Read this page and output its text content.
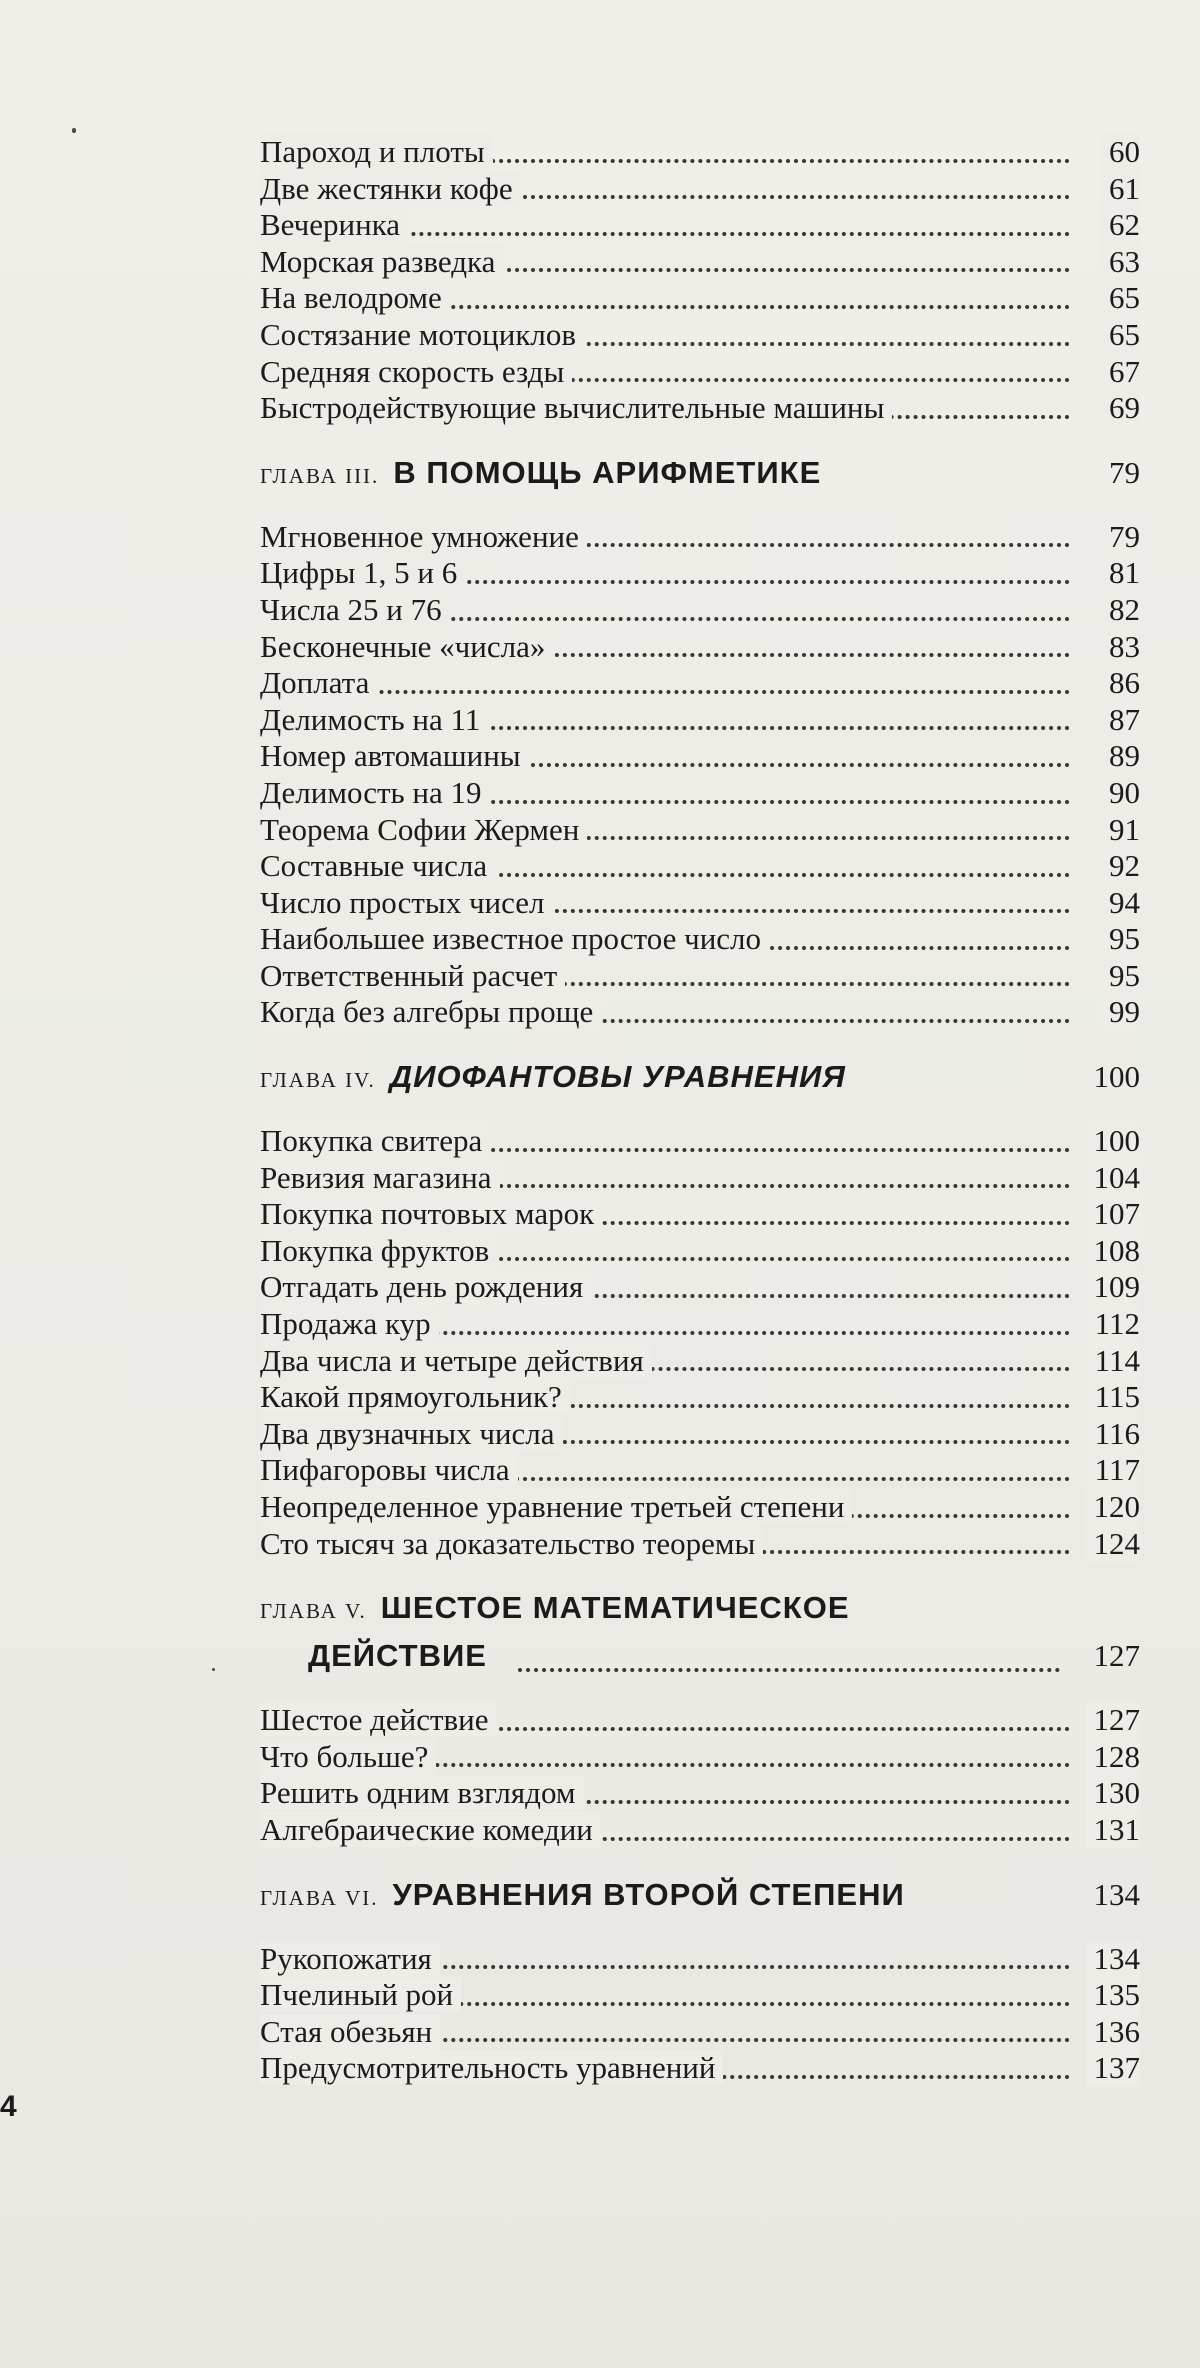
Пароход и плоты	60
Две жестянки кофе	61
Вечеринка	62
Морская разведка	63
На велодроме	65
Состязание мотоциклов	65
Средняя скорость езды	67
Быстродействующие вычислительные машины	69
ГЛАВА III. В ПОМОЩЬ АРИФМЕТИКЕ	79
Мгновенное умножение	79
Цифры 1, 5 и 6	81
Числа 25 и 76	82
Бесконечные «числа»	83
Доплата	86
Делимость на 11	87
Номер автомашины	89
Делимость на 19	90
Теорема Софии Жермен	91
Составные числа	92
Число простых чисел	94
Наибольшее известное простое число	95
Ответственный расчет	95
Когда без алгебры проще	99
ГЛАВА IV. ДИОФАНТОВЫ УРАВНЕНИЯ	100
Покупка свитера	100
Ревизия магазина	104
Покупка почтовых марок	107
Покупка фруктов	108
Отгадать день рождения	109
Продажа кур	112
Два числа и четыре действия	114
Какой прямоугольник?	115
Два двузначных числа	116
Пифагоровы числа	117
Неопределенное уравнение третьей степени	120
Сто тысяч за доказательство теоремы	124
ГЛАВА V. ШЕСТОЕ МАТЕМАТИЧЕСКОЕ
ДЕЙСТВИЕ	127
Шестое действие	127
Что больше?	128
Решить одним взглядом	130
Алгебраические комедии	131
ГЛАВА VI. УРАВНЕНИЯ ВТОРОЙ СТЕПЕНИ	134
Рукопожатия	134
Пчелиный рой	135
Стая обезьян	136
Предусмотрительность уравнений	137
4
